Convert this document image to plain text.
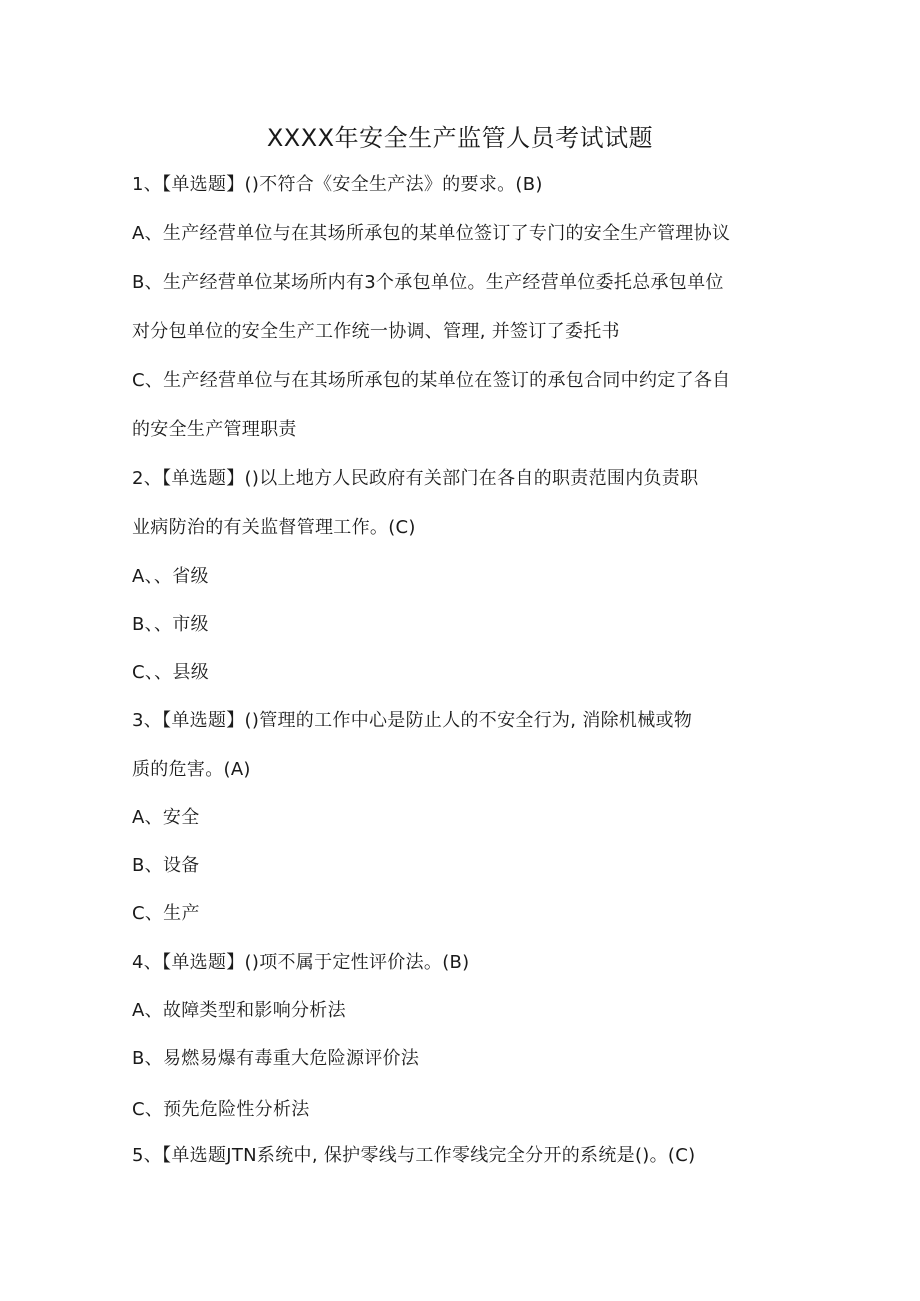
XXXX年安全生产监管人员考试试题
1、【单选题】()不符合《安全生产法》的要求。(B)
A、生产经营单位与在其场所承包的某单位签订了专门的安全生产管理协议
B、生产经营单位某场所内有3个承包单位。生产经营单位委托总承包单位
对分包单位的安全生产工作统一协调、管理, 并签订了委托书
C、生产经营单位与在其场所承包的某单位在签订的承包合同中约定了各自
的安全生产管理职责
2、【单选题】()以上地方人民政府有关部门在各自的职责范围内负责职
业病防治的有关监督管理工作。(C)
A、、省级
B、、市级
C、、县级
3、【单选题】()管理的工作中心是防止人的不安全行为, 消除机械或物
质的危害。(A)
A、安全
B、设备
C、生产
4、【单选题】()项不属于定性评价法。(B)
A、故障类型和影响分析法
B、易燃易爆有毒重大危险源评价法
C、预先危险性分析法
5、【单选题JTN系统中, 保护零线与工作零线完全分开的系统是()。(C)
